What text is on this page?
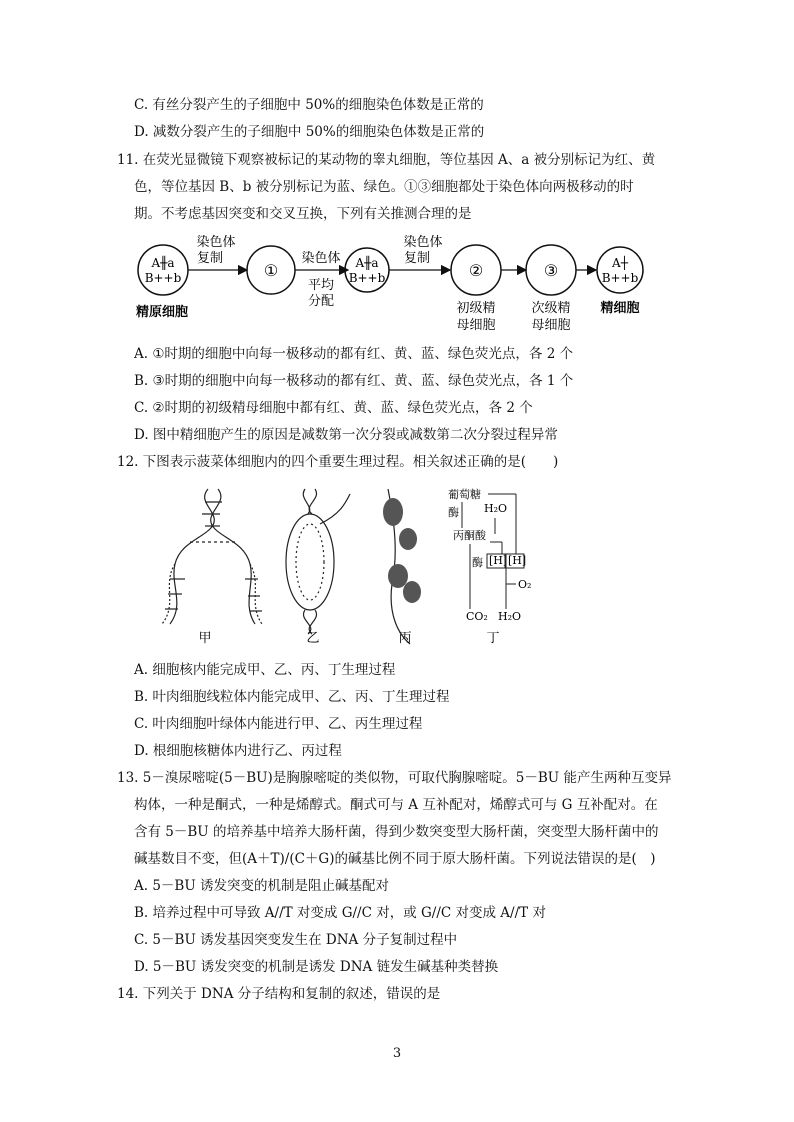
C. 有丝分裂产生的子细胞中 50%的细胞染色体数是正常的
D. 减数分裂产生的子细胞中 50%的细胞染色体数是正常的
11. 在荧光显微镜下观察被标记的某动物的睾丸细胞，等位基因 A、a 被分别标记为红、黄
色，等位基因 B、b 被分别标记为蓝、绿色。①③细胞都处于染色体向两极移动的时
期。不考虑基因突变和交叉互换，下列有关推测合理的是
A╫a
B++b
精原细胞
染色体
复制
①
染色体
平均
分配
A╫a
B++b
染色体
复制
②
初级精
母细胞
③
次级精
母细胞
A┼
B++b
精细胞
A. ①时期的细胞中向每一极移动的都有红、黄、蓝、绿色荧光点，各 2 个
B. ③时期的细胞中向每一极移动的都有红、黄、蓝、绿色荧光点，各 1 个
C. ②时期的初级精母细胞中都有红、黄、蓝、绿色荧光点，各 2 个
D. 图中精细胞产生的原因是减数第一次分裂或减数第二次分裂过程异常
12. 下图表示菠菜体细胞内的四个重要生理过程。相关叙述正确的是(　　)
葡萄糖
酶 H₂O
丙酮酸
酶 [H] [H]
O₂
CO₂ H₂O
甲	乙	丙	丁
A. 细胞核内能完成甲、乙、丙、丁生理过程
B. 叶肉细胞线粒体内能完成甲、乙、丙、丁生理过程
C. 叶肉细胞叶绿体内能进行甲、乙、丙生理过程
D. 根细胞核糖体内进行乙、丙过程
13. 5－溴尿嘧啶(5－BU)是胸腺嘧啶的类似物，可取代胸腺嘧啶。5－BU 能产生两种互变异
构体，一种是酮式，一种是烯醇式。酮式可与 A 互补配对，烯醇式可与 G 互补配对。在
含有 5－BU 的培养基中培养大肠杆菌，得到少数突变型大肠杆菌，突变型大肠杆菌中的
碱基数目不变，但(A＋T)/(C＋G)的碱基比例不同于原大肠杆菌。下列说法错误的是(　)
A. 5－BU 诱发突变的机制是阻止碱基配对
B. 培养过程中可导致 A//T 对变成 G//C 对，或 G//C 对变成 A//T 对
C. 5－BU 诱发基因突变发生在 DNA 分子复制过程中
D. 5－BU 诱发突变的机制是诱发 DNA 链发生碱基种类替换
14. 下列关于 DNA 分子结构和复制的叙述，错误的是
3
